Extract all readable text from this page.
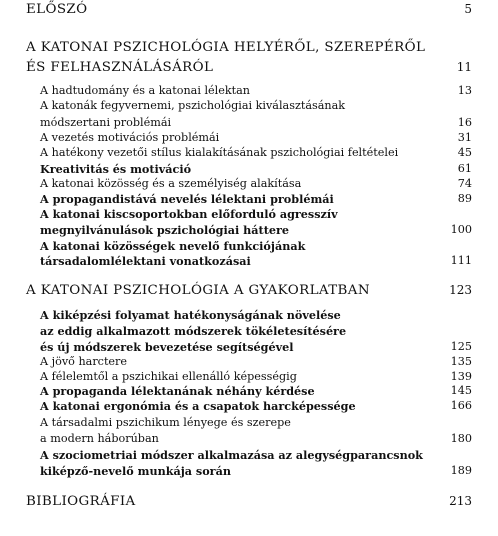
ELŐSZÓ	5
A KATONAI PSZICHOLÓGIA HELYÉRŐL, SZEREPÉRŐL
ÉS FELHASZNÁLÁSÁRÓL	11
A hadtudomány és a katonai lélektan	13
A katonák fegyvernemi, pszichológiai kiválasztásának
módszertani problémái	16
A vezetés motivációs problémái	31
A hatékony vezetői stílus kialakításának pszichológiai feltételei	45
Kreativitás és motiváció	61
A katonai közösség és a személyiség alakítása	74
A propagandistává nevelés lélektani problémái	89
A katonai kiscsoportokban előforduló agresszív
megnyilvánulások pszichológiai háttere	100
A katonai közösségek nevelő funkciójának
társadalomlélektani vonatkozásai	111
A KATONAI PSZICHOLÓGIA A GYAKORLATBAN	123
A kiképzési folyamat hatékonyságának növelése
az eddig alkalmazott módszerek tökéletesítésére
és új módszerek bevezetése segítségével	125
A jövő harctere	135
A félelemtől a pszichikai ellenálló képességig	139
A propaganda lélektanának néhány kérdése	145
A katonai ergonómia és a csapatok harcképessége	166
A társadalmi pszichikum lényege és szerepe
a modern háborúban	180
A szociometriai módszer alkalmazása az alegységparancsnok
kiképző-nevelő munkája során	189
BIBLIOGRÁFIA	213
